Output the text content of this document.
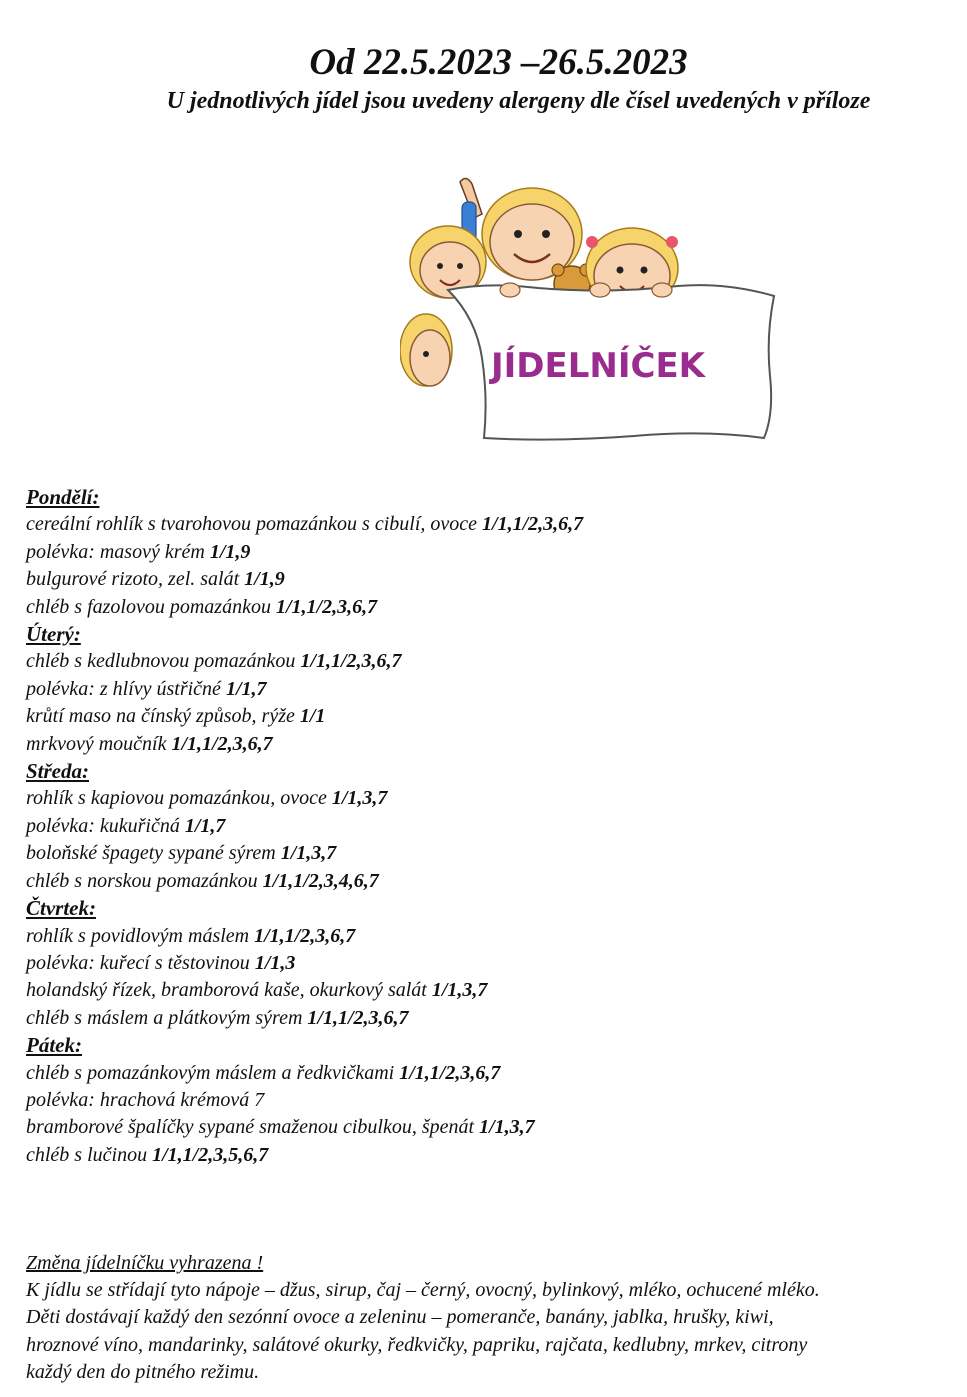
Od 22.5.2023 –26.5.2023
U jednotlivých jídel jsou uvedeny alergeny dle čísel uvedených v příloze
JÍDELNÍČEK
Pondělí:
cereální rohlík s tvarohovou pomazánkou s cibulí, ovoce 1/1,1/2,3,6,7
polévka: masový krém 1/1,9
bulgurové rizoto, zel. salát 1/1,9
chléb s fazolovou pomazánkou 1/1,1/2,3,6,7
Úterý:
chléb s kedlubnovou pomazánkou 1/1,1/2,3,6,7
polévka: z hlívy ústřičné 1/1,7
krůtí maso na čínský způsob, rýže 1/1
mrkvový moučník 1/1,1/2,3,6,7
Středa:
rohlík s kapiovou pomazánkou, ovoce 1/1,3,7
polévka: kukuřičná 1/1,7
boloňské špagety sypané sýrem 1/1,3,7
chléb s norskou pomazánkou 1/1,1/2,3,4,6,7
Čtvrtek:
rohlík s povidlovým máslem 1/1,1/2,3,6,7
polévka: kuřecí s těstovinou 1/1,3
holandský řízek, bramborová kaše, okurkový salát 1/1,3,7
chléb s máslem a plátkovým sýrem 1/1,1/2,3,6,7
Pátek:
chléb s pomazánkovým máslem a ředkvičkami 1/1,1/2,3,6,7
polévka: hrachová krémová 7
bramborové špalíčky sypané smaženou cibulkou, špenát 1/1,3,7
chléb s lučinou 1/1,1/2,3,5,6,7
Změna jídelníčku vyhrazena !
K jídlu se střídají tyto nápoje – džus, sirup, čaj – černý, ovocný, bylinkový, mléko, ochucené mléko.
Děti dostávají každý den sezónní ovoce a zeleninu – pomeranče, banány, jablka, hrušky, kiwi,
hroznové víno, mandarinky, salátové okurky, ředkvičky, papriku, rajčata, kedlubny, mrkev, citrony
každý den do pitného režimu.
